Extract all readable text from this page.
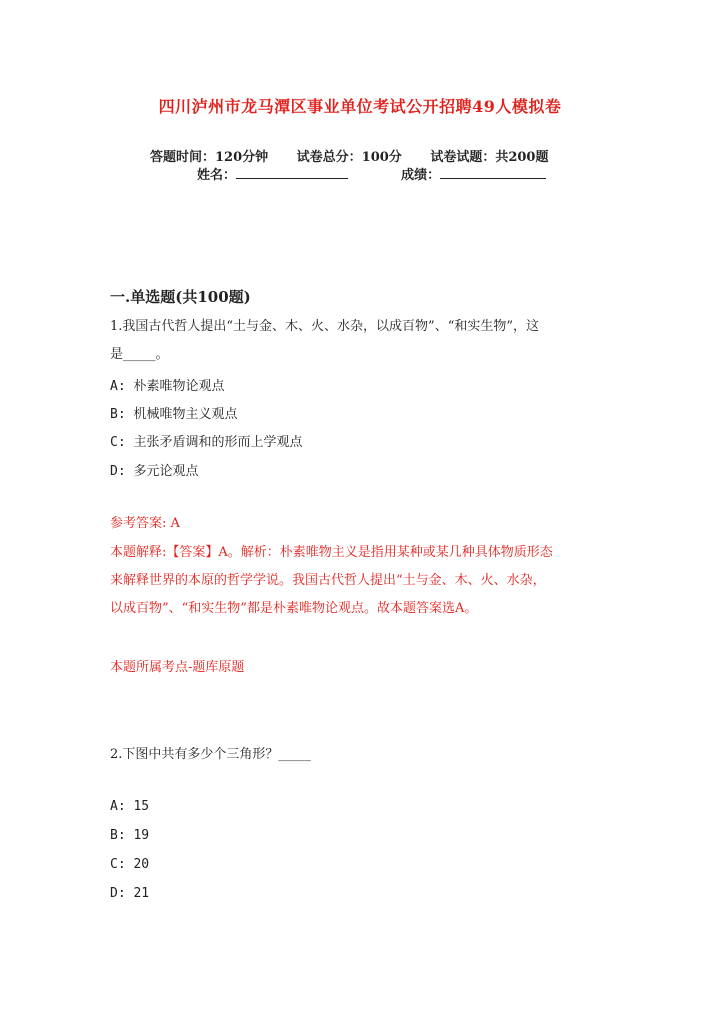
四川泸州市龙马潭区事业单位考试公开招聘49人模拟卷
答题时间：120分钟 试卷总分：100分 试卷试题：共200题
姓名：	成绩：
一.单选题(共100题)
1.我国古代哲人提出“土与金、木、火、水杂，以成百物”、“和实生物”，这
是_____。
A: 朴素唯物论观点
B: 机械唯物主义观点
C: 主张矛盾调和的形而上学观点
D: 多元论观点
参考答案: A
本题解释:【答案】A。解析：朴素唯物主义是指用某种或某几种具体物质形态
来解释世界的本原的哲学学说。我国古代哲人提出“土与金、木、火、水杂，
以成百物”、“和实生物”都是朴素唯物论观点。故本题答案选A。
本题所属考点-题库原题
2.下图中共有多少个三角形？_____
A: 15
B: 19
C: 20
D: 21
